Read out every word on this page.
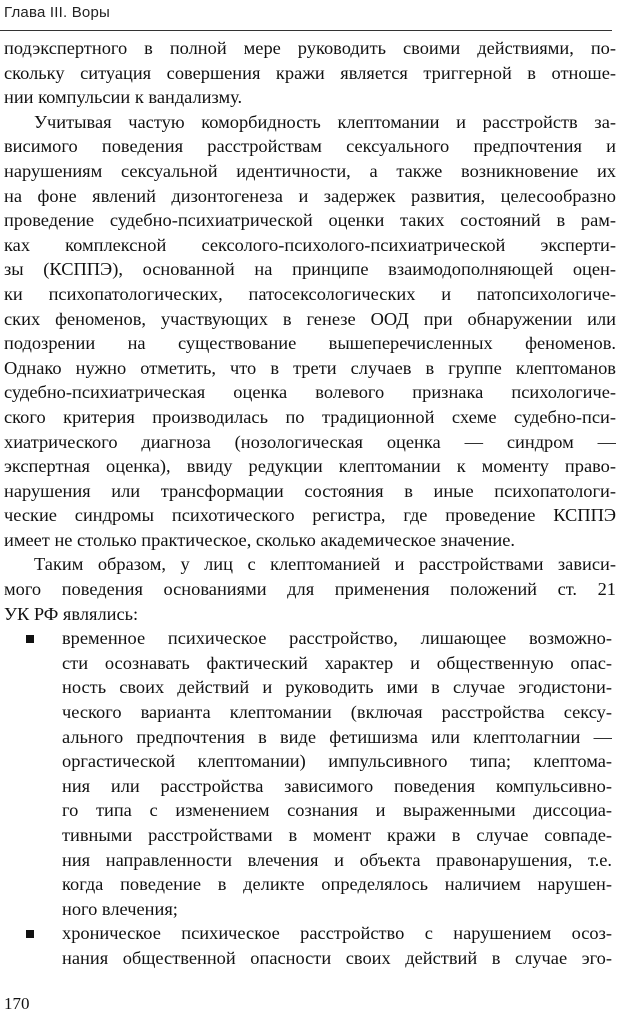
Глава III. Воры
подэкспертного в полной мере руководить своими действиями, по-
скольку ситуация совершения кражи является триггерной в отноше-
нии компульсии к вандализму.
Учитывая частую коморбидность клептомании и расстройств за-
висимого поведения расстройствам сексуального предпочтения и
нарушениям сексуальной идентичности, а также возникновение их
на фоне явлений дизонтогенеза и задержек развития, целесообразно
проведение судебно-психиатрической оценки таких состояний в рам-
ках комплексной сексолого-психолого-психиатрической эксперти-
зы (КСППЭ), основанной на принципе взаимодополняющей оцен-
ки психопатологических, патосексологических и патопсихологиче-
ских феноменов, участвующих в генезе ООД при обнаружении или
подозрении на существование вышеперечисленных феноменов.
Однако нужно отметить, что в трети случаев в группе клептоманов
судебно-психиатрическая оценка волевого признака психологиче-
ского критерия производилась по традиционной схеме судебно-пси-
хиатрического диагноза (нозологическая оценка — синдром —
экспертная оценка), ввиду редукции клептомании к моменту право-
нарушения или трансформации состояния в иные психопатологи-
ческие синдромы психотического регистра, где проведение КСППЭ
имеет не столько практическое, сколько академическое значение.
Таким образом, у лиц с клептоманией и расстройствами зависи-
мого поведения основаниями для применения положений ст. 21
УК РФ являлись:
временное психическое расстройство, лишающее возможно-
сти осознавать фактический характер и общественную опас-
ность своих действий и руководить ими в случае эгодистони-
ческого варианта клептомании (включая расстройства сексу-
ального предпочтения в виде фетишизма или клептолагнии —
оргастической клептомании) импульсивного типа; клептома-
ния или расстройства зависимого поведения компульсивно-
го типа с изменением сознания и выраженными диссоциа-
тивными расстройствами в момент кражи в случае совпаде-
ния направленности влечения и объекта правонарушения, т.е.
когда поведение в деликте определялось наличием нарушен-
ного влечения;
хроническое психическое расстройство с нарушением осоз-
нания общественной опасности своих действий в случае эго-
170
